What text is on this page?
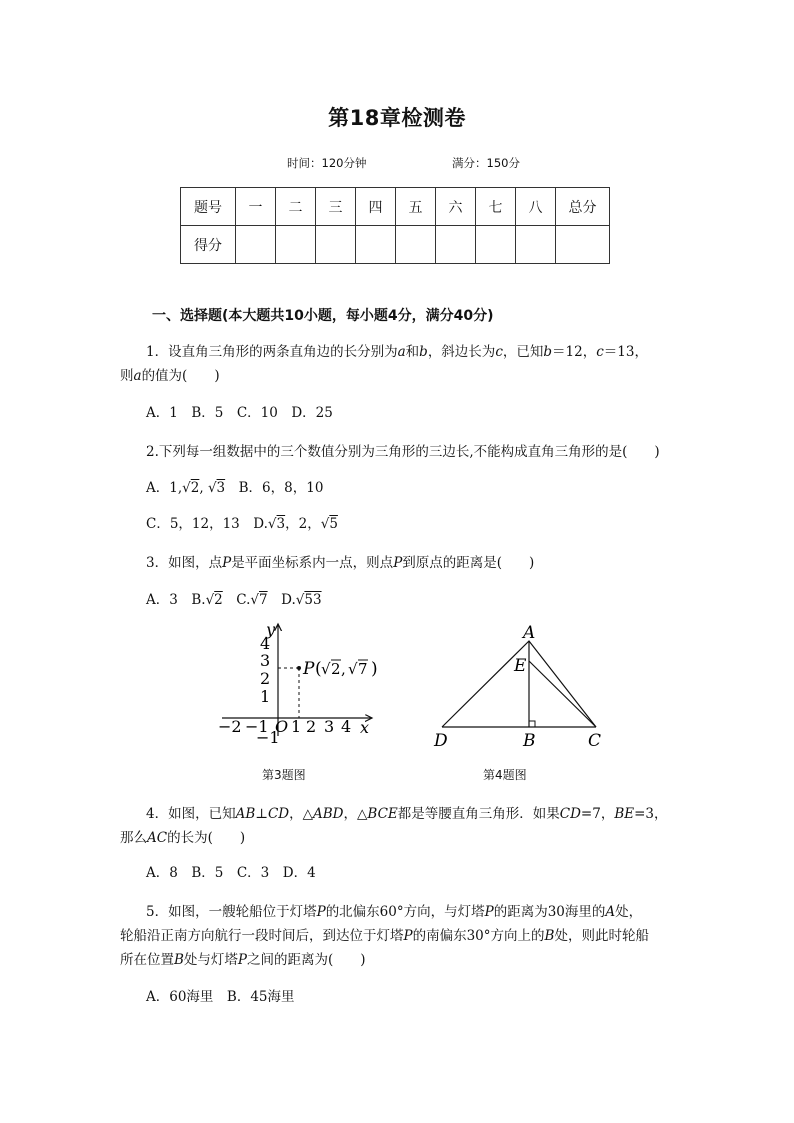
第18章检测卷
时间：120分钟	满分：150分
题号	一	二	三	四	五	六	七	八	总分
得分									
一、选择题(本大题共10小题，每小题4分，满分40分)
1．设直角三角形的两条直角边的长分别为a和b，斜边长为c，已知b＝12，c＝13，
则a的值为(　　)
A．1　B．5　C．10　D．25
2.下列每一组数据中的三个数值分别为三角形的三边长,不能构成直角三角形的是(　　)
A．1,√2, √3　B．6，8，10
C．5，12，13　D.√3，2，√5
3．如图，点P是平面坐标系内一点，则点P到原点的距离是(　　)
A．3　B.√2　C.√7　D.√53
y
x
4
3
2
1
−2 −1
−1
O 1 2 3 4
P ( √ 2 , √ 7 )
第3题图
A
E
D	B	C
第4题图
4．如图，已知AB⊥CD，△ABD，△BCE都是等腰直角三角形．如果CD=7，BE=3，
那么AC的长为(　　)
A．8　B．5　C．3　D．4
5．如图，一艘轮船位于灯塔P的北偏东60°方向，与灯塔P的距离为30海里的A处，
轮船沿正南方向航行一段时间后，到达位于灯塔P的南偏东30°方向上的B处，则此时轮船
所在位置B处与灯塔P之间的距离为(　　)
A．60海里　B．45海里
